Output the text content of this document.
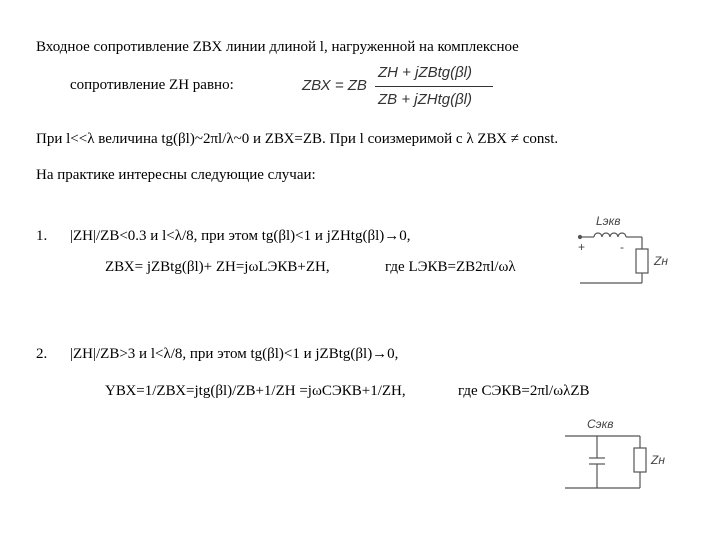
Входное сопротивление ZВХ линии длиной l, нагруженной на комплексное
сопротивление ZН равно:	ZВХ = ZВ
ZН + jZВtg(βl)
ZВ + jZНtg(βl)
При l<<λ величина tg(βl)~2πl/λ~0 и ZВХ=ZВ. При l соизмеримой с λ ZВХ ≠ const.
На практике интересны следующие случаи:
1. |ZН|/ZВ<0.3 и l<λ/8, при этом tg(βl)<1 и jZНtg(βl)→0,
ZВХ= jZВtg(βl)+ ZН=jωLЭКВ+ZН,	где LЭКВ=ZВ2πl/ωλ
2. |ZН|/ZВ>3 и l<λ/8, при этом tg(βl)<1 и jZВtg(βl)→0,
YВХ=1/ZВХ=jtg(βl)/ZВ+1/ZН =jωCЭКВ+1/ZН,	где CЭКВ=2πl/ωλZВ
Lэкв
Zн
+	-
Cэкв
Zн
